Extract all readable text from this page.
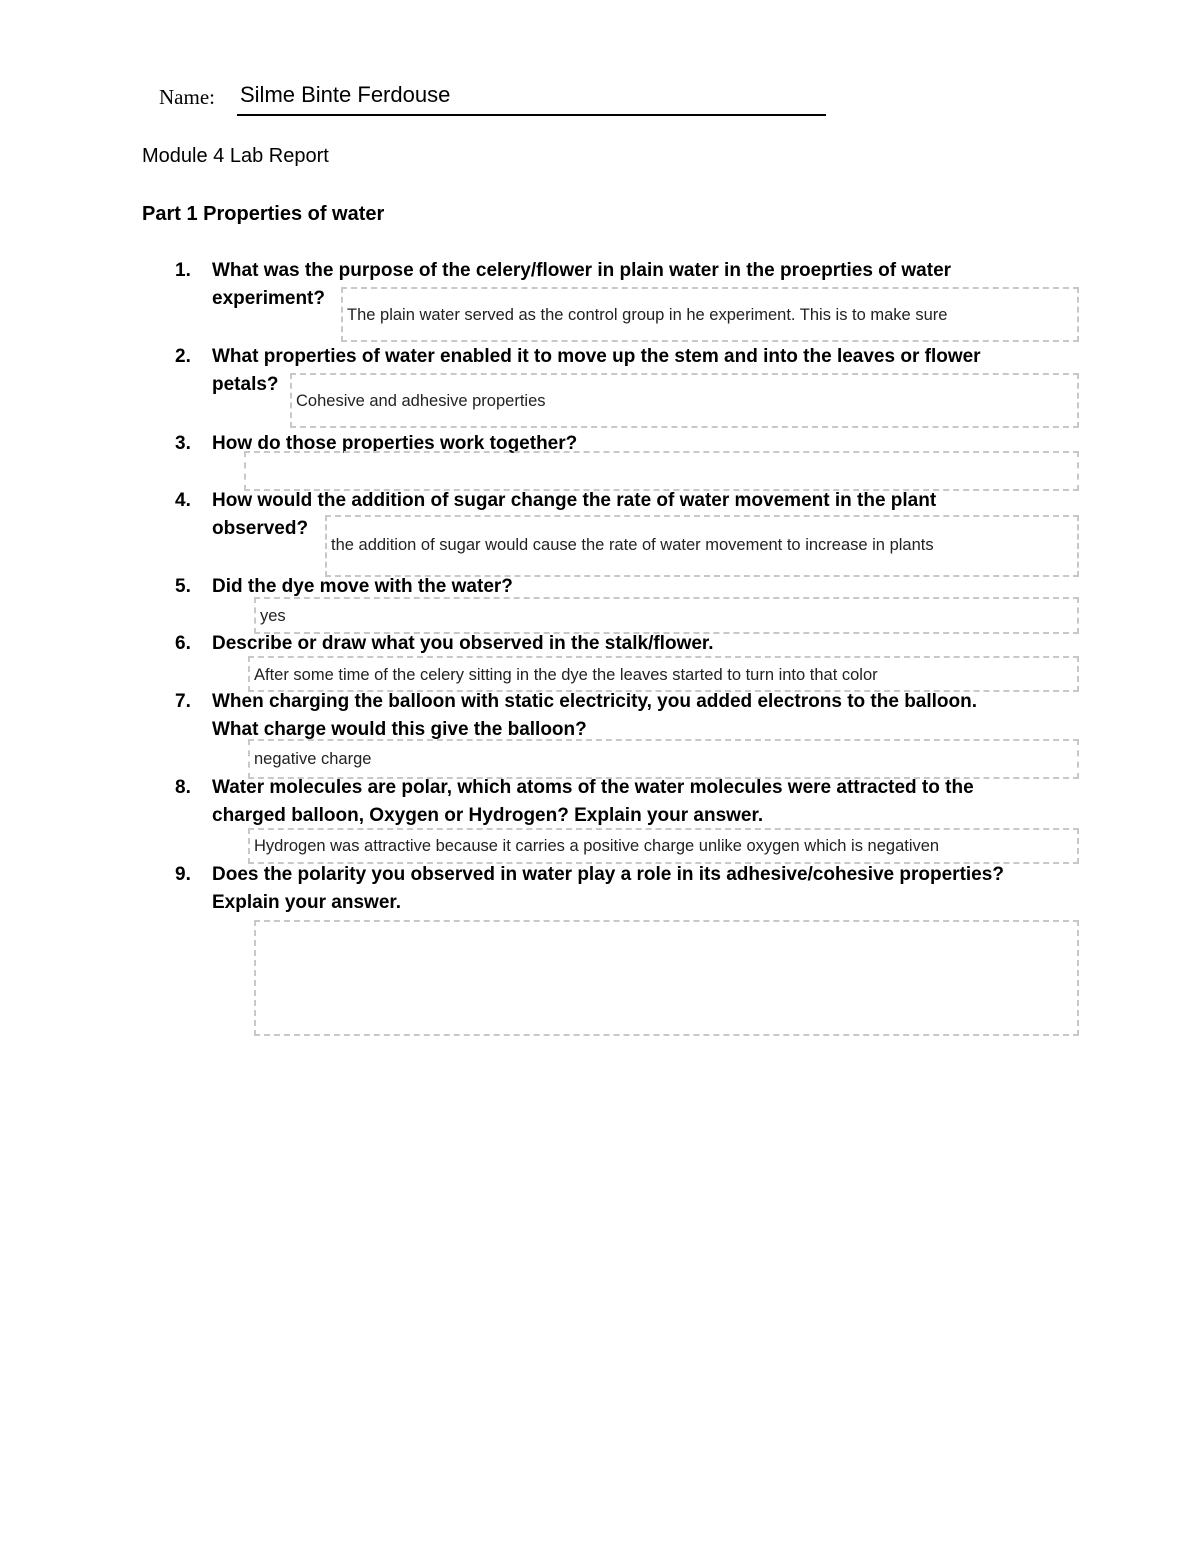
Name: Silme Binte Ferdouse
Module 4 Lab Report
Part 1 Properties of water
1. What was the purpose of the celery/flower in plain water in the proeprties of water
experiment?
The plain water served as the control group in he experiment. This is to make sure
2. What properties of water enabled it to move up the stem and into the leaves or flower
petals?
Cohesive and adhesive properties
3. How do those properties work together?
4. How would the addition of sugar change the rate of water movement in the plant
observed?
the addition of sugar would cause the rate of water movement to increase in plants
5. Did the dye move with the water?
yes
6. Describe or draw what you observed in the stalk/flower.
After some time of the celery sitting in the dye the leaves started to turn into that color
7. When charging the balloon with static electricity, you added electrons to the balloon.
What charge would this give the balloon?
negative charge
8. Water molecules are polar, which atoms of the water molecules were attracted to the
charged balloon, Oxygen or Hydrogen? Explain your answer.
Hydrogen was attractive because it carries a positive charge unlike oxygen which is negativen
9. Does the polarity you observed in water play a role in its adhesive/cohesive properties?
Explain your answer.
